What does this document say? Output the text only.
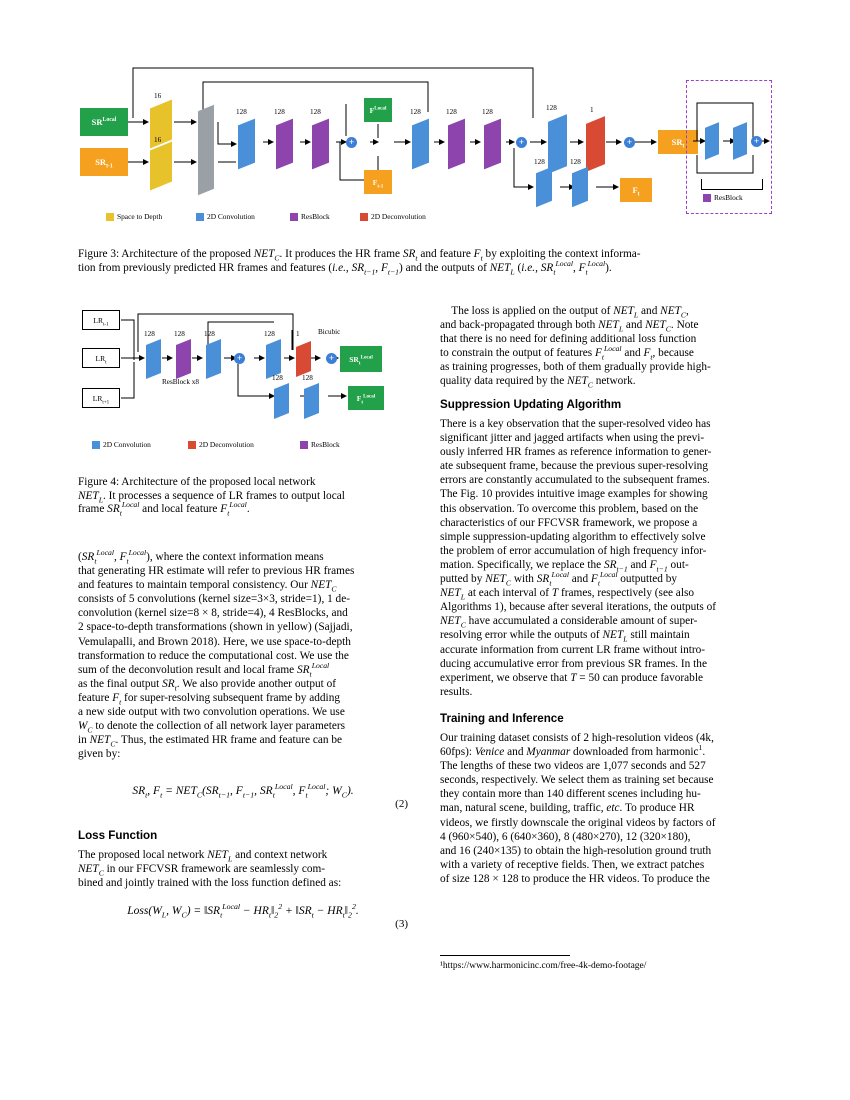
$SR^{Local}$
$SR_{t-1}$
16
16
128	128	128
+
$F^{Local}$
$F_{t-1}$
128	128	128
+
128	1
+	$SR_t$
128	128
$F_t$
Space to Depth	2D Convolution	ResBlock	2D Deconvolution
+
ResBlock
Figure 3: Architecture of the proposed $NET_C$. It produces the HR frame $SR_t$ and feature $F_t$ by exploiting the context informa-
tion from previously predicted HR frames and features (i.e., $SR_{t-1}$, $F_{t-1}$) and the outputs of $NET_L$ (i.e., $SR_t^{Local}$, $F_t^{Local}$).
$LR_{t-1}$
$LR_t$
$LR_{t+1}$
128	128	128
+
128	1
+
Bicubic
ResBlock x8
$SR_t^{Local}$
128	128
$F_t^{Local}$
2D Convolution	2D Deconvolution	ResBlock
Figure 4: Architecture of the proposed local network
$NET_L$. It processes a sequence of LR frames to output local
frame $SR_t^{Local}$ and local feature $F_t^{Local}$.
($SR_t^{Local}$, $F_t^{Local}$), where the context information means
that generating HR estimate will refer to previous HR frames
and features to maintain temporal consistency. Our $NET_C$
consists of 5 convolutions (kernel size=3×3, stride=1), 1 de-
convolution (kernel size=8 × 8, stride=4), 4 ResBlocks, and
2 space-to-depth transformations (shown in yellow) (Sajjadi,
Vemulapalli, and Brown 2018). Here, we use space-to-depth
transformation to reduce the computational cost. We use the
sum of the deconvolution result and local frame $SR_t^{Local}$
as the final output $SR_t$. We also provide another output of
feature $F_t$ for super-resolving subsequent frame by adding
a new side output with two convolution operations. We use
$W_C$ to denote the collection of all network layer parameters
in $NET_C$. Thus, the estimated HR frame and feature can be
given by:
$SR_t$, $F_t = NET_C(SR_{t-1}$, $F_{t-1}$, $SR_t^{Local}$, $F_t^{Local}$; $W_C$).
(2)
Loss Function
The proposed local network $NET_L$ and context network
$NET_C$ in our FFCVSR framework are seamlessly com-
bined and jointly trained with the loss function defined as:
$Loss(W_L$, $W_C$) = $‖SR_t^{Local}$ − $HR_t‖_2^2$ + $‖SR_t$ − $HR_t‖_2^2$.
(3)
The loss is applied on the output of $NET_L$ and $NET_C$,
and back-propagated through both $NET_L$ and $NET_C$. Note
that there is no need for defining additional loss function
to constrain the output of features $F_t^{Local}$ and $F_t$, because
as training progresses, both of them gradually provide high-
quality data required by the $NET_C$ network.
Suppression Updating Algorithm
There is a key observation that the super-resolved video has
significant jitter and jagged artifacts when using the previ-
ously inferred HR frames as reference information to gener-
ate subsequent frame, because the previous super-resolving
errors are constantly accumulated to the subsequent frames.
The Fig. 10 provides intuitive image examples for showing
this observation. To overcome this problem, based on the
characteristics of our FFCVSR framework, we propose a
simple suppression-updating algorithm to effectively solve
the problem of error accumulation of high frequency infor-
mation. Specifically, we replace the $SR_{t-1}$ and $F_{t-1}$ out-
putted by $NET_C$ with $SR_t^{Local}$ and $F_t^{Local}$ outputted by
$NET_L$ at each interval of T frames, respectively (see also
Algorithms 1), because after several iterations, the outputs of
$NET_C$ have accumulated a considerable amount of super-
resolving error while the outputs of $NET_L$ still maintain
accurate information from current LR frame without intro-
ducing accumulative error from previous SR frames. In the
experiment, we observe that T = 50 can produce favorable
results.
Training and Inference
Our training dataset consists of 2 high-resolution videos (4k,
60fps): Venice and Myanmar downloaded from harmonic$^1$.
The lengths of these two videos are 1,077 seconds and 527
seconds, respectively. We select them as training set because
they contain more than 140 different scenes including hu-
man, natural scene, building, traffic, etc. To produce HR
videos, we firstly downscale the original videos by factors of
4 (960×540), 6 (640×360), 8 (480×270), 12 (320×180),
and 16 (240×135) to obtain the high-resolution ground truth
with a variety of receptive fields. Then, we extract patches
of size 128 × 128 to produce the HR videos. To produce the
¹https://www.harmonicinc.com/free-4k-demo-footage/
